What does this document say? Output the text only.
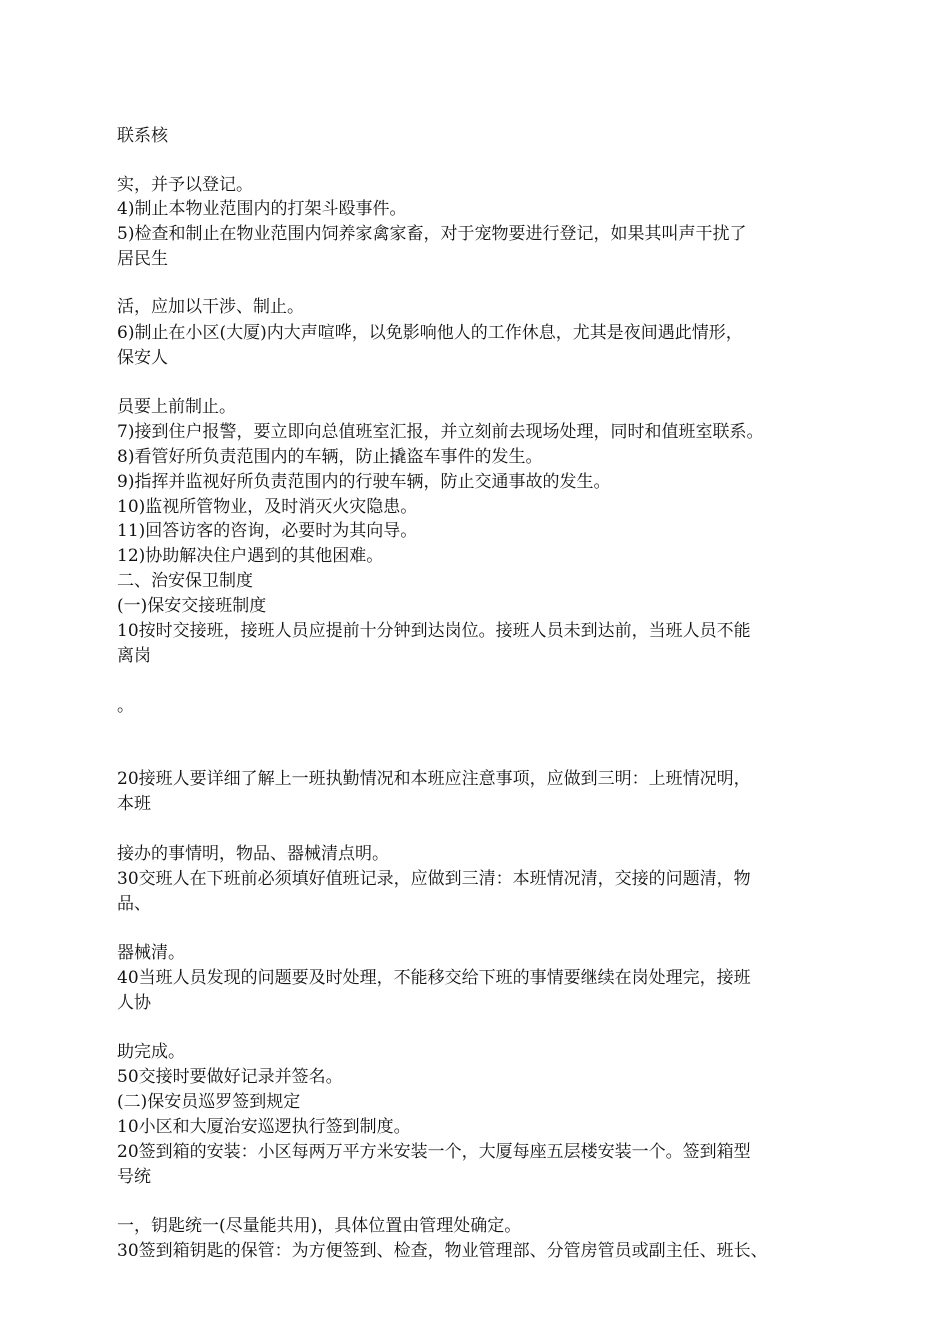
联系核
实，并予以登记。
4)制止本物业范围内的打架斗殴事件。
5)检查和制止在物业范围内饲养家禽家畜，对于宠物要进行登记，如果其叫声干扰了
居民生
活，应加以干涉、制止。
6)制止在小区(大厦)内大声喧哗，以免影响他人的工作休息，尤其是夜间遇此情形，
保安人
员要上前制止。
7)接到住户报警，要立即向总值班室汇报，并立刻前去现场处理，同时和值班室联系。
8)看管好所负责范围内的车辆，防止撬盗车事件的发生。
9)指挥并监视好所负责范围内的行驶车辆，防止交通事故的发生。
10)监视所管物业，及时消灭火灾隐患。
11)回答访客的咨询，必要时为其向导。
12)协助解决住户遇到的其他困难。
二、治安保卫制度
(一)保安交接班制度
10按时交接班，接班人员应提前十分钟到达岗位。接班人员未到达前，当班人员不能
离岗
。
20接班人要详细了解上一班执勤情况和本班应注意事项，应做到三明：上班情况明，
本班
接办的事情明，物品、器械清点明。
30交班人在下班前必须填好值班记录，应做到三清：本班情况清，交接的问题清，物
品、
器械清。
40当班人员发现的问题要及时处理，不能移交给下班的事情要继续在岗处理完，接班
人协
助完成。
50交接时要做好记录并签名。
(二)保安员巡罗签到规定
10小区和大厦治安巡逻执行签到制度。
20签到箱的安装：小区每两万平方米安装一个，大厦每座五层楼安装一个。签到箱型
号统
一，钥匙统一(尽量能共用)，具体位置由管理处确定。
30签到箱钥匙的保管：为方便签到、检查，物业管理部、分管房管员或副主任、班长、
